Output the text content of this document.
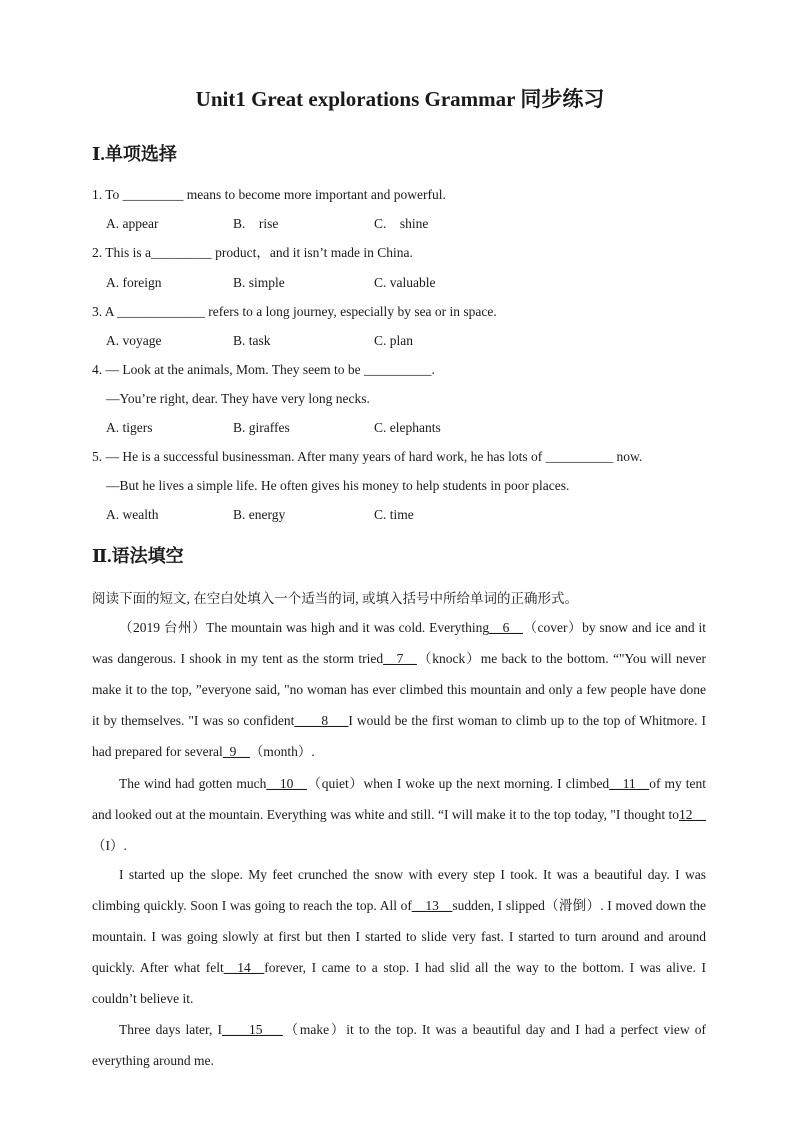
Unit1 Great explorations Grammar 同步练习
Ⅰ.单项选择
1. To _________ means to become more important and powerful.
A. appear	B.    rise	C.    shine
2. This is a_________ product，and it isn’t made in China.
A. foreign	B. simple	C. valuable
3. A _____________ refers to a long journey, especially by sea or in space.
A. voyage	B. task	C. plan
4. — Look at the animals, Mom. They seem to be __________.
—You’re right, dear. They have very long necks.
A. tigers	B. giraffes	C. elephants
5. — He is a successful businessman. After many years of hard work, he has lots of __________ now.
—But he lives a simple life. He often gives his money to help students in poor places.
A. wealth	B. energy	C. time
Ⅱ.语法填空
阅读下面的短文, 在空白处填入一个适当的词, 或填入括号中所给单词的正确形式。

（2019 台州）The mountain was high and it was cold. Everything__6__（cover）by snow and ice and it was dangerous. I shook in my tent as the storm tried__7__（knock）me back to the bottom. “"You will never make it to the top, ”everyone said, "no woman has ever climbed this mountain and only a few people have done it by themselves. "I was so confident____8___I would be the first woman to climb up to the top of Whitmore. I had prepared for several_9__（month）.

The wind had gotten much__10__（quiet）when I woke up the next morning. I climbed__11__of my tent and looked out at the mountain. Everything was white and still. “I will make it to the top today, "I thought to12__（I）.

I started up the slope. My feet crunched the snow with every step I took. It was a beautiful day. I was climbing quickly. Soon I was going to reach the top. All of__13__sudden, I slipped（滑倒）. I moved down the mountain. I was going slowly at first but then I started to slide very fast. I started to turn around and around quickly. After what felt__14__forever, I came to a stop. I had slid all the way to the bottom. I was alive. I couldn’t believe it.

Three days later, I____15___（make）it to the top. It was a beautiful day and I had a perfect view of everything around me.
